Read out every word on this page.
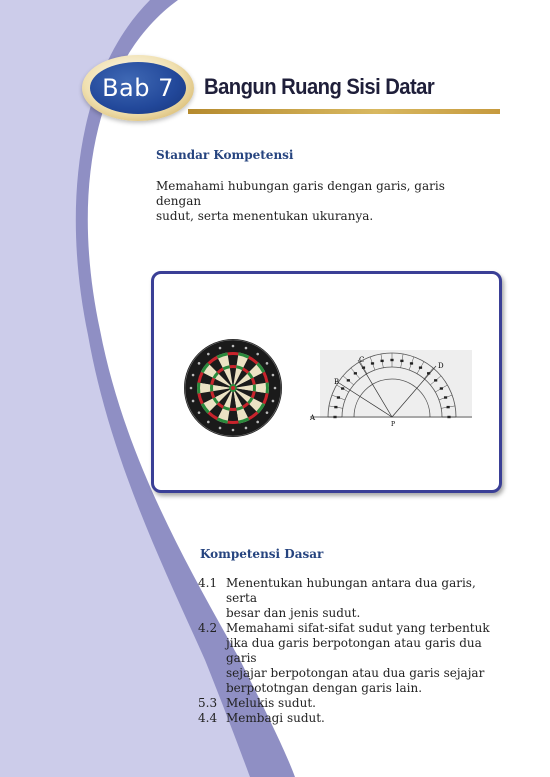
Bab 7 Bangun Ruang Sisi Datar
Standar Kompetensi
Memahami hubungan garis dengan garis, garis dengan
sudut, serta menentukan ukuranya.
A
B
C
D
P
Kompetensi Dasar
4.1 Menentukan hubungan antara dua garis, serta
besar dan jenis sudut.
4.2 Memahami sifat-sifat sudut yang terbentuk
jika dua garis berpotongan atau garis dua garis
sejajar berpotongan atau dua garis sejajar
berpototngan dengan garis lain.
5.3 Melukis sudut.
4.4 Membagi sudut.
